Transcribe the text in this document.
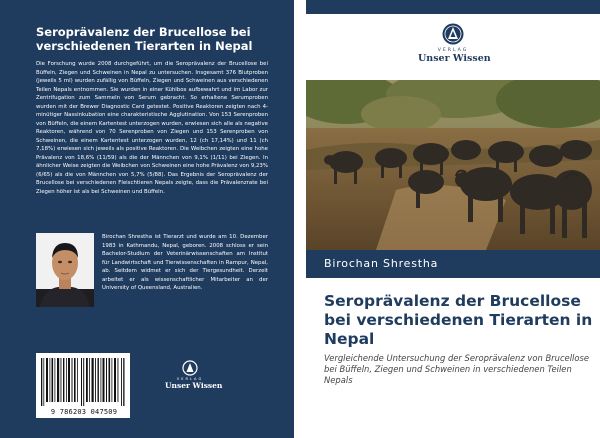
Seroprävalenz der Brucellose bei verschiedenen Tierarten in Nepal

Die Forschung wurde 2008 durchgeführt, um die Seroprävalenz der Brucellose bei Büffeln, Ziegen und Schweinen in Nepal zu untersuchen. Insgesamt 376 Blutproben (jeweils 5 ml) wurden zufällig von Büffeln, Ziegen und Schweinen aus verschiedenen Teilen Nepals entnommen. Sie wurden in einer Kühlbox aufbewahrt und im Labor zur Zentrifugation zum Sammeln von Serum gebracht. So erhaltene Serumproben wurden mit der Brewer Diagnostic Card getestet. Positive Reaktoren zeigten nach 4-minütiger Nassinkubation eine charakteristische Agglutination. Von 153 Serenproben von Büffeln, die einem Kartentest unterzogen wurden, erwiesen sich alle als negative Reaktoren, während von 70 Serenproben von Ziegen und 153 Serenproben von Schweinen, die einem Kartentest unterzogen wurden, 12 (ch 17,14%) und 11 (ch 7,18%) erwiesen sich jeweils als positive Reaktoren. Die Weibchen zeigten eine hohe Prävalenz von 18,6% (11/59) als die der Männchen von 9,1% (1/11) bei Ziegen. In ähnlicher Weise zeigten die Weibchen von Schweinen eine hohe Prävalenz von 9,23% (6/65) als die von Männchen von 5,7% (5/88). Das Ergebnis der Seroprävalenz der Brucellose bei verschiedenen Fleischtieren Nepals zeigte, dass die Prävalenzrate bei Ziegen höher ist als bei Schweinen und Büffeln.

Birochan Shrestha ist Tierarzt und wurde am 10. Dezember 1983 in Kathmandu, Nepal, geboren. 2008 schloss er sein Bachelor-Studium der Veterinärwissenschaften am Institut für Landwirtschaft und Tierwissenschaften in Rampur, Nepal, ab. Seitdem widmet er sich der Tiergesundheit. Derzeit arbeitet er als wissenschaftlicher Mitarbeiter an der University of Queensland, Australien.

9 786203 047509
VERLAG
Unser Wissen
VERLAG
Unser Wissen
Birochan Shrestha
Seroprävalenz der Brucellose bei verschiedenen Tierarten in Nepal
Vergleichende Untersuchung der Seroprävalenz von Brucellose bei Büffeln, Ziegen und Schweinen in verschiedenen Teilen Nepals
